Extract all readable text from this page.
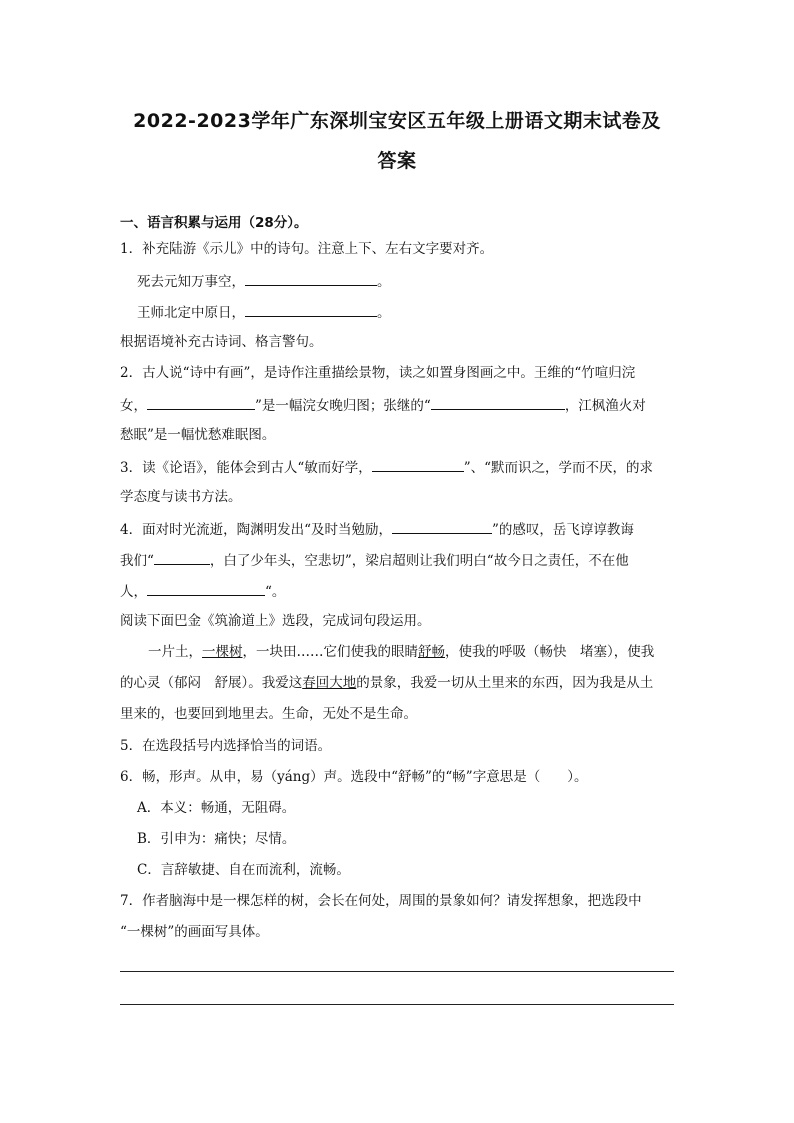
2022-2023学年广东深圳宝安区五年级上册语文期末试卷及
答案
一、语言积累与运用（28分）。
1．补充陆游《示儿》中的诗句。注意上下、左右文字要对齐。
死去元知万事空，	。
王师北定中原日，	。
根据语境补充古诗词、格言警句。
2．古人说“诗中有画”，是诗作注重描绘景物，读之如置身图画之中。王维的“竹喧归浣
女，	”是一幅浣女晚归图；张继的“	，江枫渔火对
愁眠”是一幅忧愁难眠图。
3．读《论语》，能体会到古人“敏而好学，	”、“默而识之，学而不厌，的求
学态度与读书方法。
4．面对时光流逝，陶渊明发出“及时当勉励，	”的感叹，岳飞谆谆教诲
我们“	，白了少年头，空悲切”，梁启超则让我们明白“故今日之责任，不在他
人，	“。
阅读下面巴金《筑渝道上》选段，完成词句段运用。
一片土，一棵树，一块田……它们使我的眼睛舒畅，使我的呼吸（畅快　堵塞），使我
的心灵（郁闷　舒展）。我爱这春回大地的景象，我爱一切从土里来的东西，因为我是从土
里来的，也要回到地里去。生命，无处不是生命。
5．在选段括号内选择恰当的词语。
6．畅，形声。从申，易（yáng）声。选段中“舒畅”的“畅”字意思是（　　）。
A．本义：畅通，无阻碍。
B．引申为：痛快；尽情。
C．言辞敏捷、自在而流利，流畅。
7．作者脑海中是一棵怎样的树，会长在何处，周围的景象如何？请发挥想象，把选段中
“一棵树”的画面写具体。
